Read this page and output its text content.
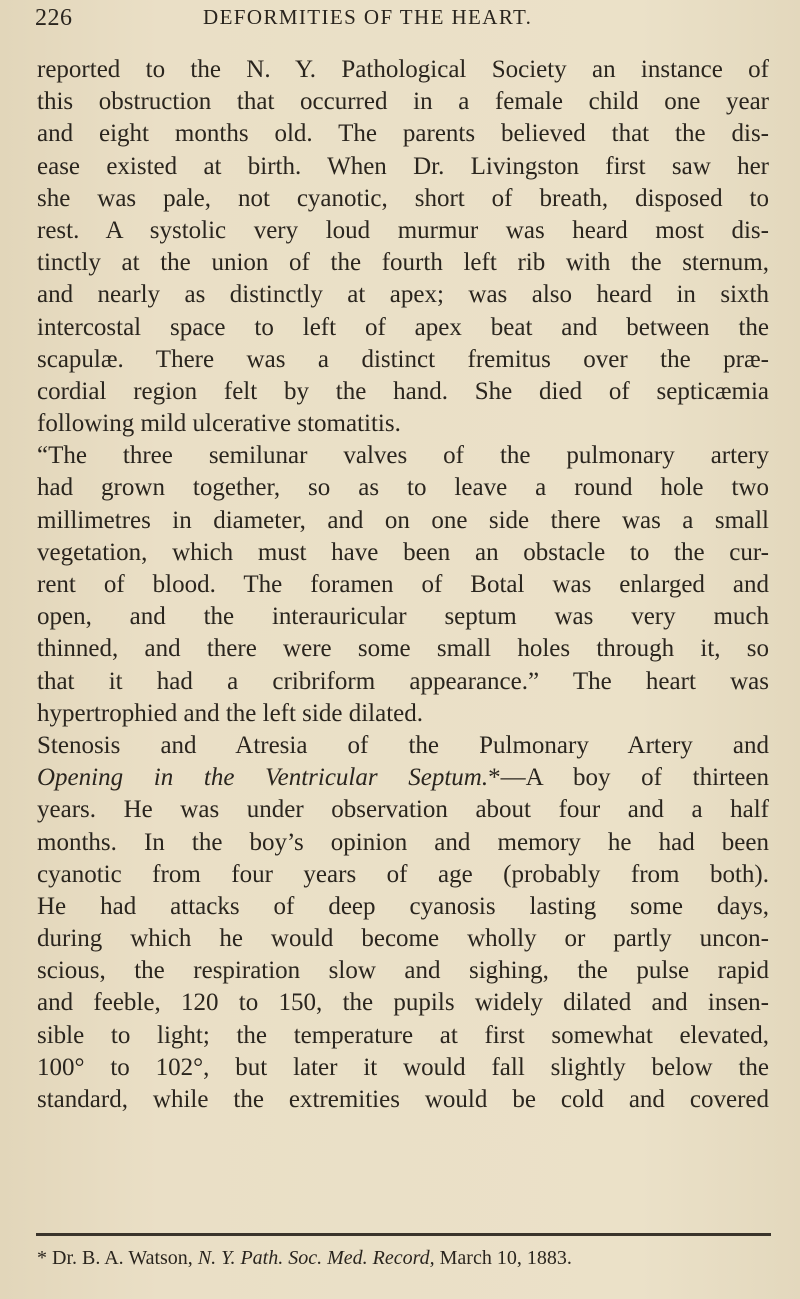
226	DEFORMITIES OF THE HEART.
reported to the N. Y. Pathological Society an instance of
this obstruction that occurred in a female child one year
and eight months old. The parents believed that the dis-
ease existed at birth. When Dr. Livingston first saw her
she was pale, not cyanotic, short of breath, disposed to
rest. A systolic very loud murmur was heard most dis-
tinctly at the union of the fourth left rib with the sternum,
and nearly as distinctly at apex; was also heard in sixth
intercostal space to left of apex beat and between the
scapulæ. There was a distinct fremitus over the præ-
cordial region felt by the hand. She died of septicæmia
following mild ulcerative stomatitis.
“The three semilunar valves of the pulmonary artery
had grown together, so as to leave a round hole two
millimetres in diameter, and on one side there was a small
vegetation, which must have been an obstacle to the cur-
rent of blood. The foramen of Botal was enlarged and
open, and the interauricular septum was very much
thinned, and there were some small holes through it, so
that it had a cribriform appearance.” The heart was
hypertrophied and the left side dilated.
Stenosis and Atresia of the Pulmonary Artery and
Opening in the Ventricular Septum.*—A boy of thirteen
years. He was under observation about four and a half
months. In the boy’s opinion and memory he had been
cyanotic from four years of age (probably from both).
He had attacks of deep cyanosis lasting some days,
during which he would become wholly or partly uncon-
scious, the respiration slow and sighing, the pulse rapid
and feeble, 120 to 150, the pupils widely dilated and insen-
sible to light; the temperature at first somewhat elevated,
100° to 102°, but later it would fall slightly below the
standard, while the extremities would be cold and covered
* Dr. B. A. Watson, N. Y. Path. Soc. Med. Record, March 10, 1883.
